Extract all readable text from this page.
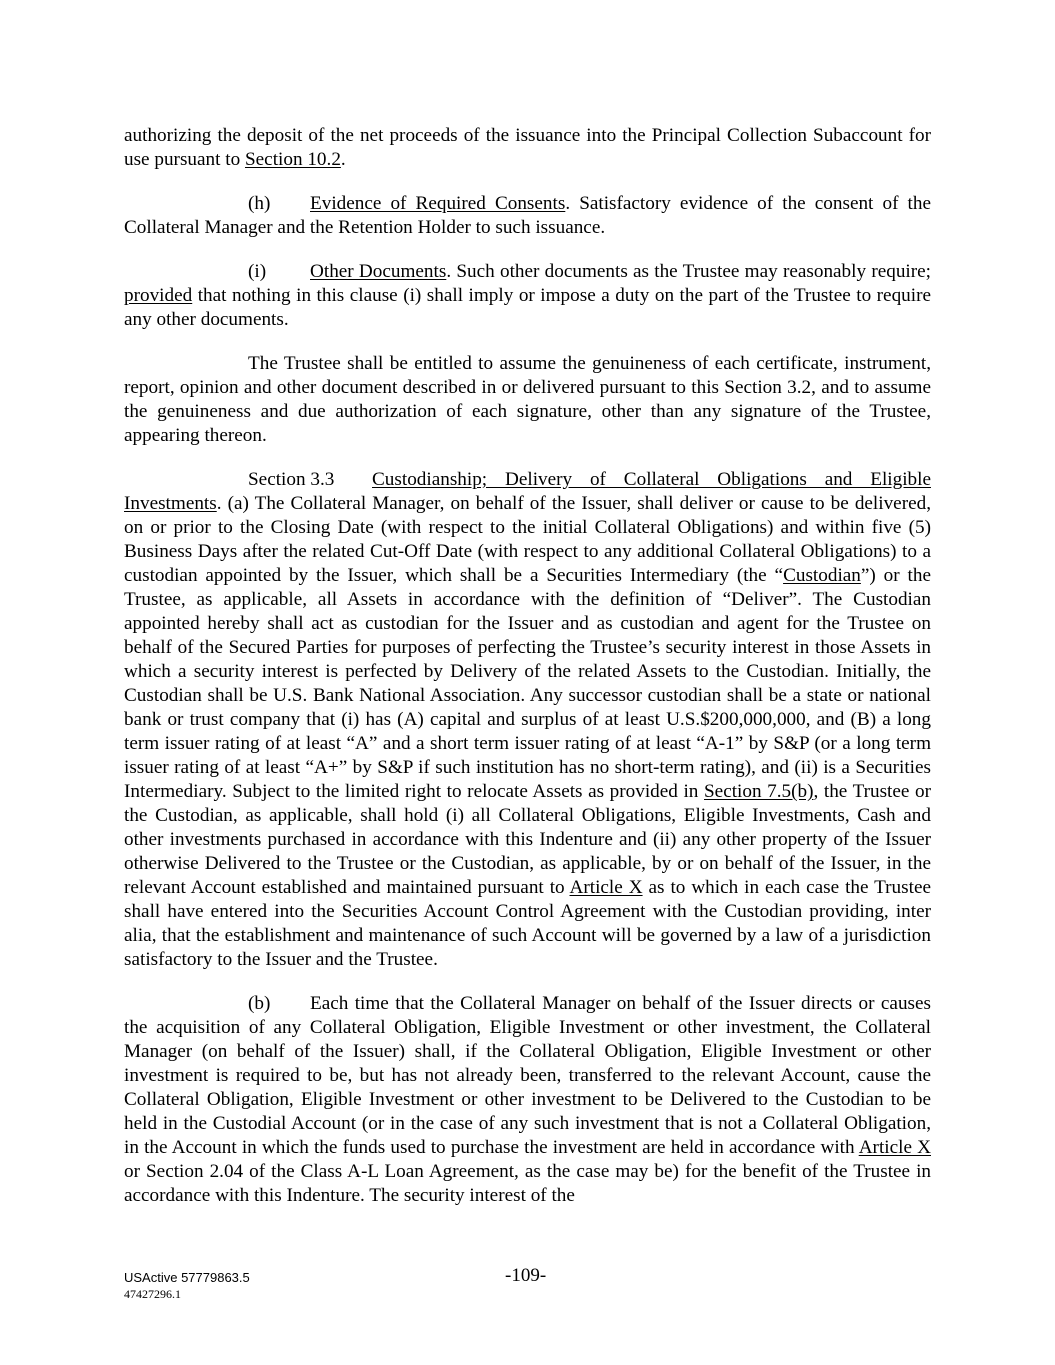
authorizing the deposit of the net proceeds of the issuance into the Principal Collection Subaccount for use pursuant to Section 10.2.

(h) Evidence of Required Consents. Satisfactory evidence of the consent of the Collateral Manager and the Retention Holder to such issuance.

(i) Other Documents. Such other documents as the Trustee may reasonably require; provided that nothing in this clause (i) shall imply or impose a duty on the part of the Trustee to require any other documents.

The Trustee shall be entitled to assume the genuineness of each certificate, instrument, report, opinion and other document described in or delivered pursuant to this Section 3.2, and to assume the genuineness and due authorization of each signature, other than any signature of the Trustee, appearing thereon.

Section 3.3 Custodianship; Delivery of Collateral Obligations and Eligible Investments. (a) The Collateral Manager, on behalf of the Issuer, shall deliver or cause to be delivered, on or prior to the Closing Date (with respect to the initial Collateral Obligations) and within five (5) Business Days after the related Cut-Off Date (with respect to any additional Collateral Obligations) to a custodian appointed by the Issuer, which shall be a Securities Intermediary (the “Custodian”) or the Trustee, as applicable, all Assets in accordance with the definition of “Deliver”. The Custodian appointed hereby shall act as custodian for the Issuer and as custodian and agent for the Trustee on behalf of the Secured Parties for purposes of perfecting the Trustee’s security interest in those Assets in which a security interest is perfected by Delivery of the related Assets to the Custodian. Initially, the Custodian shall be U.S. Bank National Association. Any successor custodian shall be a state or national bank or trust company that (i) has (A) capital and surplus of at least U.S.$200,000,000, and (B) a long term issuer rating of at least “A” and a short term issuer rating of at least “A-1” by S&P (or a long term issuer rating of at least “A+” by S&P if such institution has no short-term rating), and (ii) is a Securities Intermediary. Subject to the limited right to relocate Assets as provided in Section 7.5(b), the Trustee or the Custodian, as applicable, shall hold (i) all Collateral Obligations, Eligible Investments, Cash and other investments purchased in accordance with this Indenture and (ii) any other property of the Issuer otherwise Delivered to the Trustee or the Custodian, as applicable, by or on behalf of the Issuer, in the relevant Account established and maintained pursuant to Article X as to which in each case the Trustee shall have entered into the Securities Account Control Agreement with the Custodian providing, inter alia, that the establishment and maintenance of such Account will be governed by a law of a jurisdiction satisfactory to the Issuer and the Trustee.

(b) Each time that the Collateral Manager on behalf of the Issuer directs or causes the acquisition of any Collateral Obligation, Eligible Investment or other investment, the Collateral Manager (on behalf of the Issuer) shall, if the Collateral Obligation, Eligible Investment or other investment is required to be, but has not already been, transferred to the relevant Account, cause the Collateral Obligation, Eligible Investment or other investment to be Delivered to the Custodian to be held in the Custodial Account (or in the case of any such investment that is not a Collateral Obligation, in the Account in which the funds used to purchase the investment are held in accordance with Article X or Section 2.04 of the Class A-L Loan Agreement, as the case may be) for the benefit of the Trustee in accordance with this Indenture. The security interest of the

USActive 57779863.5
47427296.1
-109-
